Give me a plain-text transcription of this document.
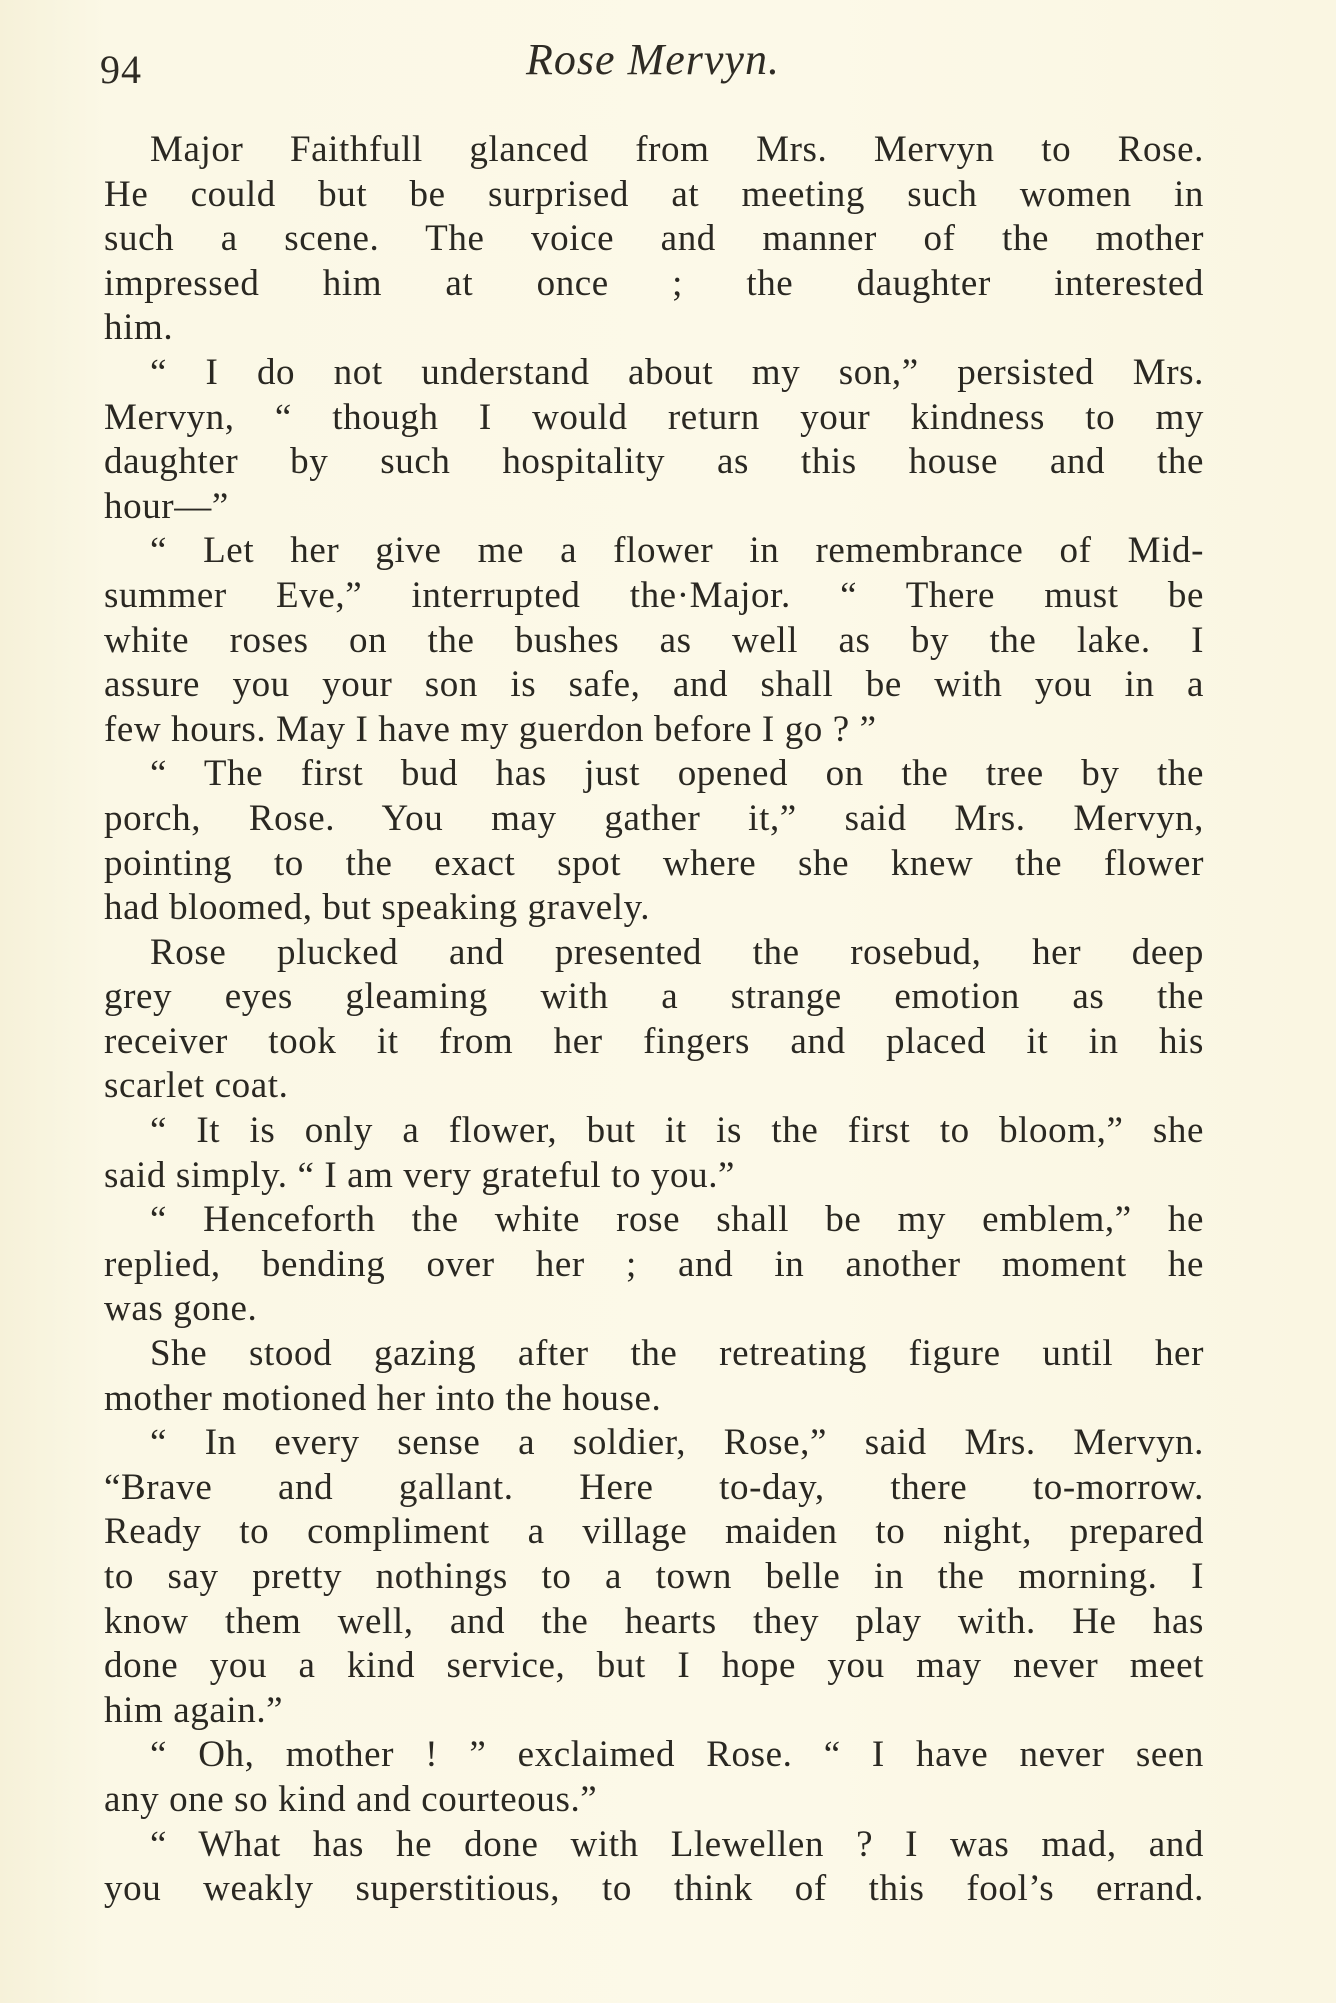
94	Rose Mervyn.
Major Faithfull glanced from Mrs. Mervyn to Rose.
He could but be surprised at meeting such women in
such a scene. The voice and manner of the mother
impressed him at once ; the daughter interested
him.
“ I do not understand about my son,” persisted Mrs.
Mervyn, “ though I would return your kindness to my
daughter by such hospitality as this house and the
hour—”
“ Let her give me a flower in remembrance of Mid-
summer Eve,” interrupted the·Major. “ There must be
white roses on the bushes as well as by the lake. I
assure you your son is safe, and shall be with you in a
few hours. May I have my guerdon before I go ? ”
“ The first bud has just opened on the tree by the
porch, Rose. You may gather it,” said Mrs. Mervyn,
pointing to the exact spot where she knew the flower
had bloomed, but speaking gravely.
Rose plucked and presented the rosebud, her deep
grey eyes gleaming with a strange emotion as the
receiver took it from her fingers and placed it in his
scarlet coat.
“ It is only a flower, but it is the first to bloom,” she
said simply. “ I am very grateful to you.”
“ Henceforth the white rose shall be my emblem,” he
replied, bending over her ; and in another moment he
was gone.
She stood gazing after the retreating figure until her
mother motioned her into the house.
“ In every sense a soldier, Rose,” said Mrs. Mervyn.
“Brave and gallant. Here to-day, there to-morrow.
Ready to compliment a village maiden to night, prepared
to say pretty nothings to a town belle in the morning. I
know them well, and the hearts they play with. He has
done you a kind service, but I hope you may never meet
him again.”
“ Oh, mother ! ” exclaimed Rose. “ I have never seen
any one so kind and courteous.”
“ What has he done with Llewellen ? I was mad, and
you weakly superstitious, to think of this fool’s errand.
